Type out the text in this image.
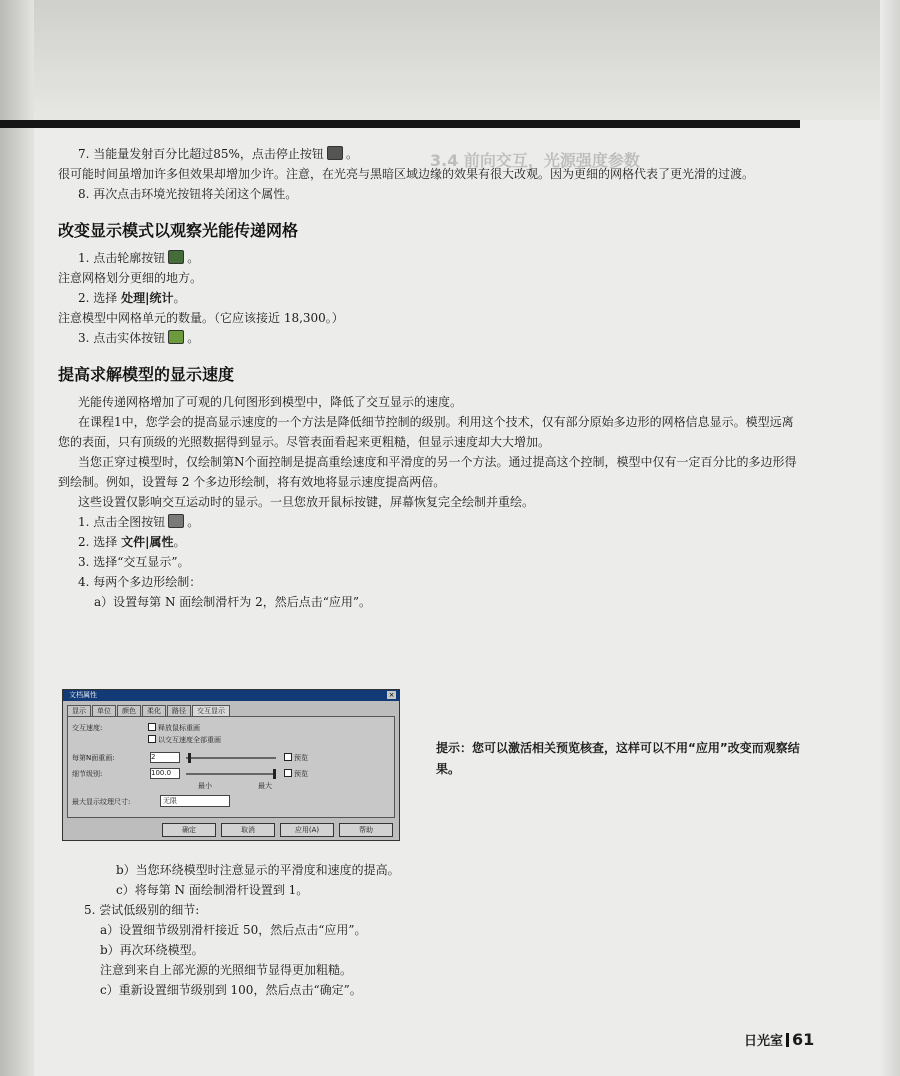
3.4 前向交互，光源强度参数

7. 当能量发射百分比超过85%，点击停止按钮 。

很可能时间虽增加许多但效果却增加少许。注意，在光亮与黑暗区域边缘的效果有很大改观。因为更细的网格代表了更光滑的过渡。

8. 再次点击环境光按钮将关闭这个属性。

改变显示模式以观察光能传递网格

1. 点击轮廓按钮 。

注意网格划分更细的地方。

2. 选择 处理|统计。

注意模型中网格单元的数量。（它应该接近 18,300。）

3. 点击实体按钮 。

提高求解模型的显示速度

光能传递网格增加了可观的几何图形到模型中，降低了交互显示的速度。

在课程1中，您学会的提高显示速度的一个方法是降低细节控制的级别。利用这个技术，仅有部分原始多边形的网格信息显示。模型远离您的表面，只有顶级的光照数据得到显示。尽管表面看起来更粗糙，但显示速度却大大增加。

当您正穿过模型时，仅绘制第N个面控制是提高重绘速度和平滑度的另一个方法。通过提高这个控制，模型中仅有一定百分比的多边形得到绘制。例如，设置每 2 个多边形绘制，将有效地将显示速度提高两倍。

这些设置仅影响交互运动时的显示。一旦您放开鼠标按键，屏幕恢复完全绘制并重绘。

1. 点击全图按钮 。

2. 选择 文件|属性。

3. 选择“交互显示”。

4. 每两个多边形绘制：

a）设置每第 N 面绘制滑杆为 2，然后点击“应用”。

文档属性	×
显示	单位	颜色	柔化	路径	交互显示
交互速度:	释放鼠标重画
以交互速度全部重画
每第N面重画:	2	预览
细节级别:	100.0	预览
最小	最大
最大显示纹理尺寸:	无限
确定	取消	应用(A)	帮助
提示：您可以激活相关预览核查，这样可以不用“应用”改变而观察结果。

b）当您环绕模型时注意显示的平滑度和速度的提高。

c）将每第 N 面绘制滑杆设置到 1。

5. 尝试低级别的细节:

a）设置细节级别滑杆接近 50，然后点击“应用”。

b）再次环绕模型。

注意到来自上部光源的光照细节显得更加粗糙。

c）重新设置细节级别到 100，然后点击“确定”。

日光室 61
